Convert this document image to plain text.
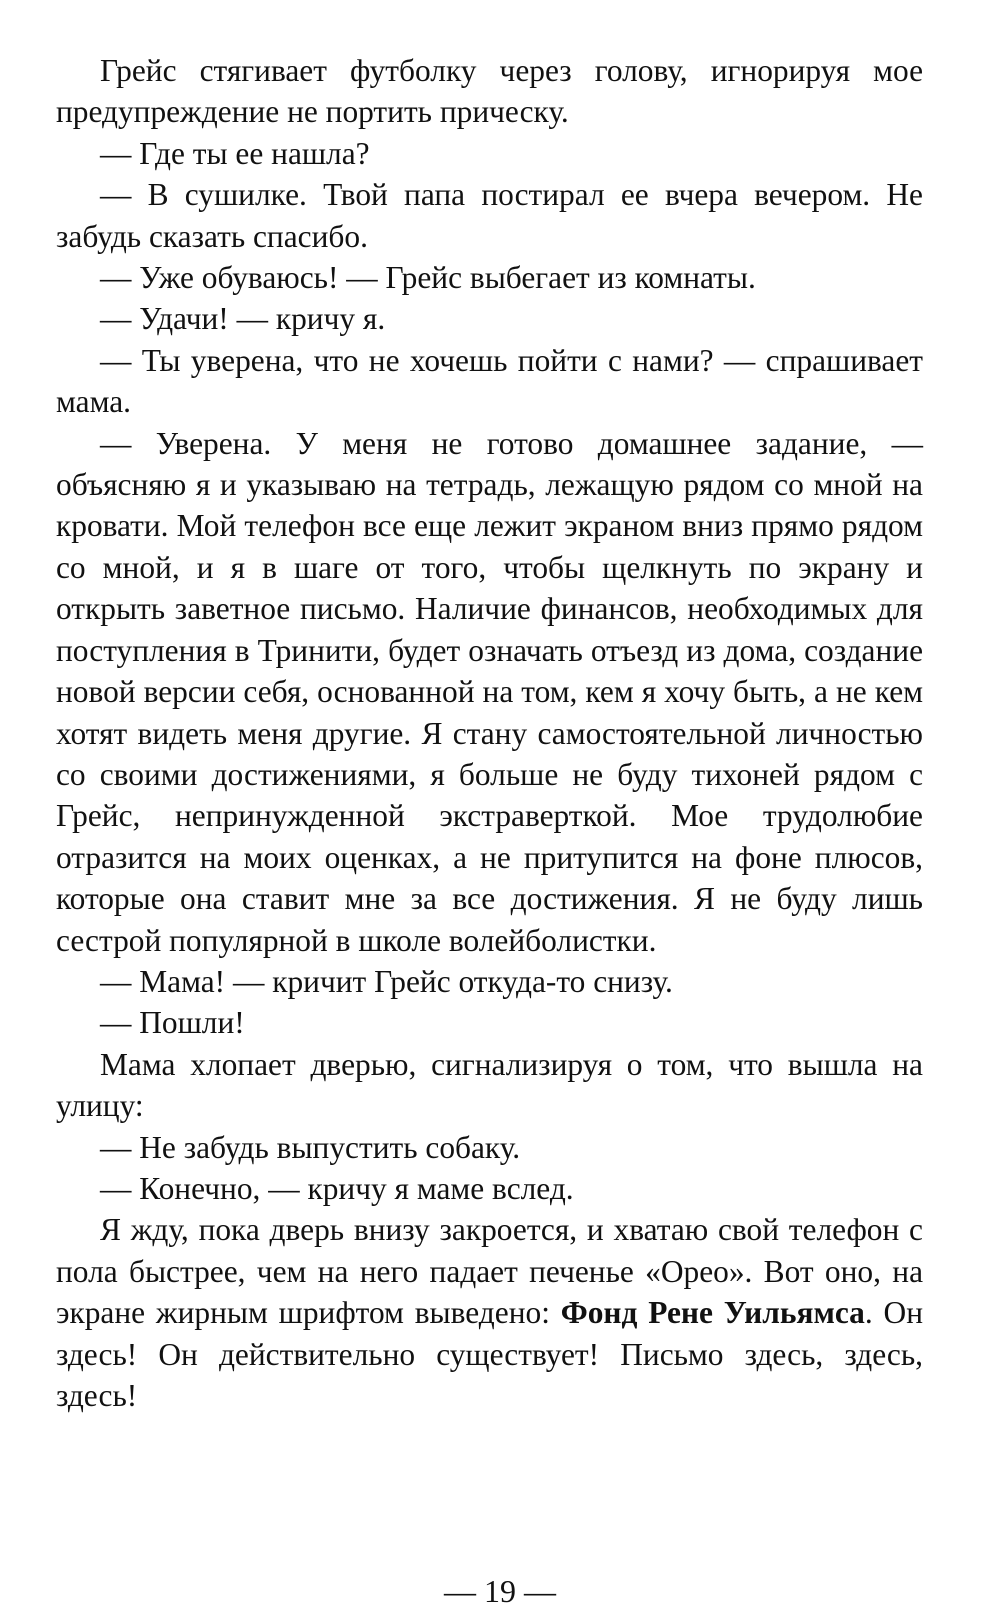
Грейс стягивает футболку через голову, игнорируя мое предупреждение не портить прическу.

— Где ты ее нашла?

— В сушилке. Твой папа постирал ее вчера вечером. Не забудь сказать спасибо.

— Уже обуваюсь! — Грейс выбегает из комнаты.

— Удачи! — кричу я.

— Ты уверена, что не хочешь пойти с нами? — спрашивает мама.

— Уверена. У меня не готово домашнее задание, — объясняю я и указываю на тетрадь, лежащую рядом со мной на кровати. Мой телефон все еще лежит экраном вниз прямо рядом со мной, и я в шаге от того, чтобы щелкнуть по экрану и открыть заветное письмо. Наличие финансов, необходимых для поступления в Тринити, будет означать отъезд из дома, создание новой версии себя, основанной на том, кем я хочу быть, а не кем хотят видеть меня другие. Я стану самостоятельной личностью со своими достижениями, я больше не буду тихоней рядом с Грейс, непринужденной экстраверткой. Мое трудолюбие отразится на моих оценках, а не притупится на фоне плюсов, которые она ставит мне за все достижения. Я не буду лишь сестрой популярной в школе волейболистки.

— Мама! — кричит Грейс откуда-то снизу.

— Пошли!

Мама хлопает дверью, сигнализируя о том, что вышла на улицу:

— Не забудь выпустить собаку.

— Конечно, — кричу я маме вслед.

Я жду, пока дверь внизу закроется, и хватаю свой телефон с пола быстрее, чем на него падает печенье «Орео». Вот оно, на экране жирным шрифтом выведено: Фонд Рене Уильямса. Он здесь! Он действительно существует! Письмо здесь, здесь, здесь!

— 19 —
